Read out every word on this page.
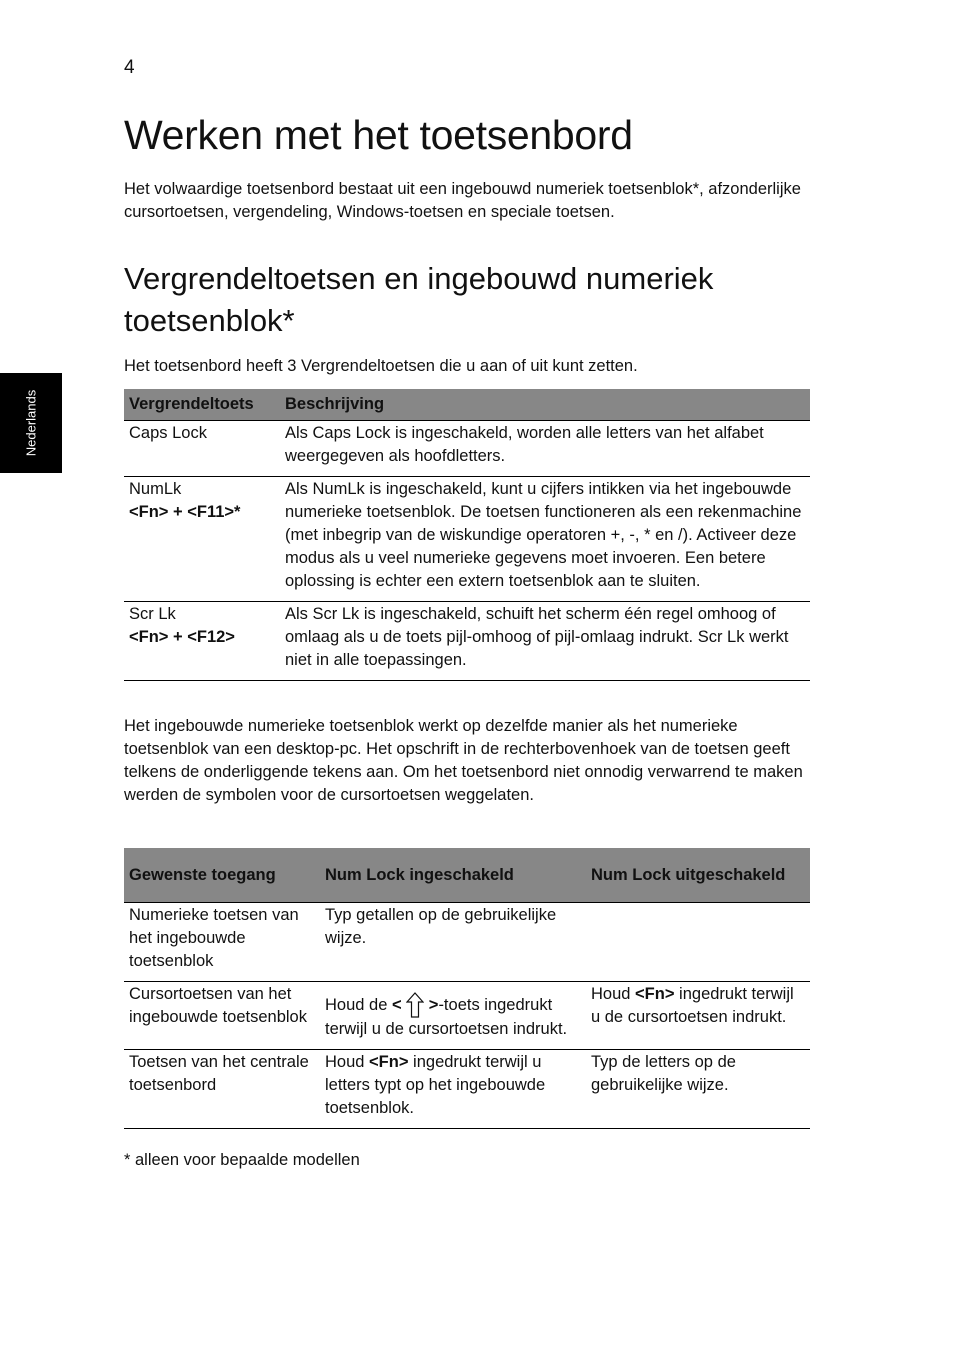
4
Nederlands
Werken met het toetsenbord

Het volwaardige toetsenbord bestaat uit een ingebouwd numeriek toetsenblok*, afzonderlijke cursortoetsen, vergendeling, Windows-toetsen en speciale toetsen.

Vergrendeltoetsen en ingebouwd numeriek toetsenblok*

Het toetsenbord heeft 3 Vergrendeltoetsen die u aan of uit kunt zetten.

Vergrendeltoets	Beschrijving
Caps Lock	Als Caps Lock is ingeschakeld, worden alle letters van het alfabet weergegeven als hoofdletters.
NumLk
<Fn> + <F11>*	Als NumLk is ingeschakeld, kunt u cijfers intikken via het ingebouwde numerieke toetsenblok. De toetsen functioneren als een rekenmachine (met inbegrip van de wiskundige operatoren +, -, * en /). Activeer deze modus als u veel numerieke gegevens moet invoeren. Een betere oplossing is echter een extern toetsenblok aan te sluiten.
Scr Lk
<Fn> + <F12>	Als Scr Lk is ingeschakeld, schuift het scherm één regel omhoog of omlaag als u de toets pijl-omhoog of pijl-omlaag indrukt. Scr Lk werkt niet in alle toepassingen.

Het ingebouwde numerieke toetsenblok werkt op dezelfde manier als het numerieke toetsenblok van een desktop-pc. Het opschrift in de rechterbovenhoek van de toetsen geeft telkens de onderliggende tekens aan. Om het toetsenbord niet onnodig verwarrend te maken werden de symbolen voor de cursortoetsen weggelaten.

Gewenste toegang	Num Lock ingeschakeld	Num Lock uitgeschakeld
Numerieke toetsen van het ingebouwde toetsenblok	Typ getallen op de gebruikelijke wijze.	
Cursortoetsen van het ingebouwde toetsenblok	Houd de < >-toets ingedrukt terwijl u de cursortoetsen indrukt.	Houd <Fn> ingedrukt terwijl u de cursortoetsen indrukt.
Toetsen van het centrale toetsenbord	Houd <Fn> ingedrukt terwijl u letters typt op het ingebouwde toetsenblok.	Typ de letters op de gebruikelijke wijze.

* alleen voor bepaalde modellen
